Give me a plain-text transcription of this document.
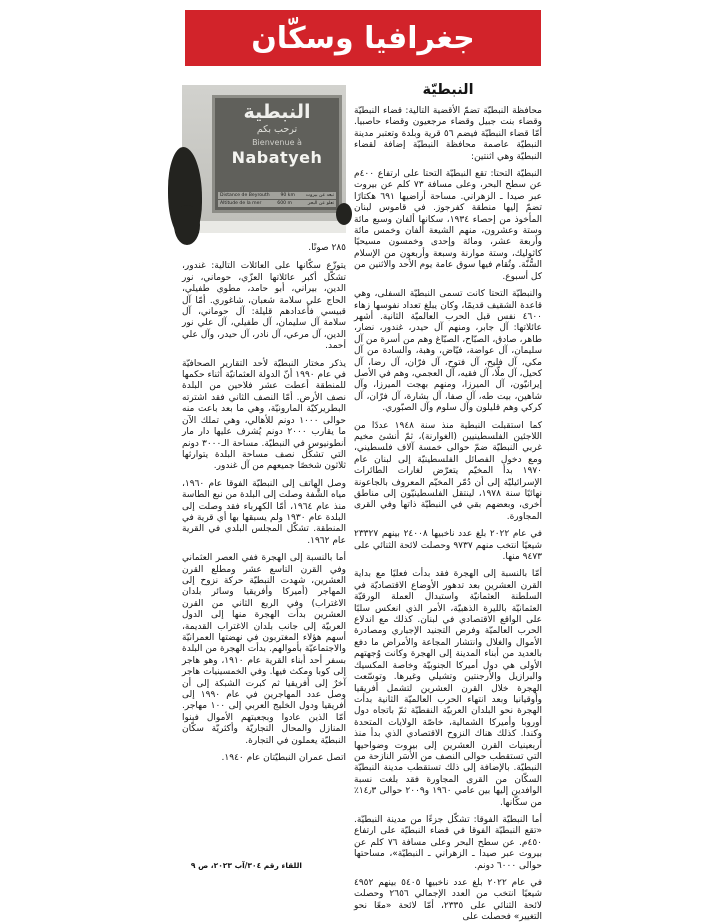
جغرافيا وسكّان
النبطيّة

محافظة النبطيّة تضمّ الأقضية التالية: قضاء النبطيّة وقضاء بنت جبيل وقضاء مرجعيون وقضاء حاصبيا. أمّا قضاء النبطيّة فيضم ٥٦ قرية وبلدة وتعتبر مدينة النبطيّة عاصمة محافظة النبطيّة إضافة لقضاء النبطيّة وهي اثنتين:

النبطيّة التحتا: تقع النبطيّة التحتا على ارتفاع ٤٠٠م عن سطح البحر، وعلى مسافة ٧٣ كلم عن بيروت عبر صيدا ـ الزهراني. مساحة أراضيها ٦٩١ هكتارًا تضمّ إليها منطقة كفرجوز. في قاموس لبنان المأخوذ من إحصاء ١٩٣٤، سكانها ألفان وسبع مائة وستة وعشرون، منهم الشيعة ألفان وخمس مائة وأربعة عشر، ومائة وإحدى وخمسون مسيحيًا كاثوليك، وستة موارنة وسبعة وأربعون من الإسلام السُّنّة. وتُقام فيها سوق عامة يوم الأحد والاثنين من كل أسبوع.

والنبطيّة التحتا كانت تسمى النبطيّة السفلى، وهي قاعدة الشقيف قديمًا، وكان يبلغ تعداد نفوسها زهاء ٤٦٠٠ نفس قبل الحرب العالميّة الثانية. أشهر عائلاتها: آل جابر، ومنهم آل حيدر، غندور، نضار، طاهر، صادق، الصبّاح، الصبّاغ وهم من أسرة من آل سليمان، آل عواضة، فيّاض، وهبة، والسادة من آل مكي، آل فليح، آل فتوح، آل فرّان، آل رضا، آل كحيل، آل ملّا، آل فقيه، آل العجمي، وهم في الأصل إيرانيّون، آل الميرزا، ومنهم بهجت الميرزا، وآل شاهين، بيت طه، آل صفا، آل بشارة، آل فرّان، آل كركي وهم قليلون وآل سلوم وآل الصبّوري.

كما استقبلت النبطية منذ سنة ١٩٤٨ عددًا من اللاجئين الفلسطينيين (الغوارنة)، ثمّ أنشئ مخيم غربي النبطيّة ضمّ حوالى خمسة آلاف فلسطيني، ومع دخول الفصائل الفلسطينيّة إلى لبنان عام ١٩٧٠ بدأ المخيّم يتعرّض لغارات الطائرات الإسرائيليّة إلى أن دُمّر المخيّم المعروف بالجاعونة نهائيًا سنة ١٩٧٨، لينتقل الفلسطينيّون إلى مناطق أخرى، وبعضهم بقي في النبطيّة ذاتها وفي القرى المجاورة.

في عام ٢٠٢٢ بلغ عدد ناخبيها ٢٤٠٠٨ بينهم ٢٣٣٢٧ شيعيًا انتخب منهم ٩٧٣٧ وحصلت لائحة الثنائي على ٩٤٧٣ منها.

أمّا بالنسبة إلى الهجرة فقد بدأت فعليًا مع بداية القرن العشرين بعد تدهور الأوضاع الاقتصاديّة في السلطنة العثمانيّة واستبدال العملة الورقيّة العثمانيّة بالليرة الذهبيّة، الأمر الذي انعكس سلبًا على الواقع الاقتصادي في لبنان. كذلك مع اندلاع الحرب العالميّة وفرض التجنيد الإجباري ومصادرة الأموال والغلال وانتشار المجاعة والأمراض ما دفع بالعديد من أبناء المدينة إلى الهجرة وكانت وُجهتهم الأولى هي دول أميركا الجنوبيّة وخاصة المكسيك والبرازيل والأرجنتين وتشيلي وغيرها. وتوسّعت الهجرة خلال القرن العشرين لتشمل أفريقيا وأوقيانيا وبعد انتهاء الحرب العالميّة الثانية بدأت الهجرة نحو البلدان العربيّة النفطيّة ثمّ باتجاه دول أوروبا وأميركا الشمالية، خاصّة الولايات المتحدة وكندا. كذلك هناك النزوح الاقتصادي الذي بدأ منذ أربعينيات القرن العشرين إلى بيروت وضواحيها التي تستقطب حوالى النصف من الأُسَر النازحة من النبطيّة. بالإضافة إلى ذلك تستقطب مدينة النبطيّة السكّان من القرى المجاورة فقد بلغت نسبة الوافدين إليها بين عامي ١٩٦٠ و٢٠٠٩ حوالى ١٤٫٣٪ من سكّانها.

أما النبطيّة الفوقا: تشكّل جزءًا من مدينة النبطيّة. «تقع النبطيّة الفوقا في قضاء النبطيّة على ارتفاع ٤٥٠م. عن سطح البحر وعلى مسافة ٧٦ كلم عن بيروت عبر صيدا ـ الزهراني ـ النبطيّة»، مساحتها حوالى ٦٠٠٠ دونم.

في عام ٢٠٢٢ بلغ عدد ناخبيها ٥٤٠٥ بينهم ٤٩٥٢ شيعيًا انتخب من العدد الإجمالي ٢٦٥٦ وحصلت لائحة الثنائي على ٢٣٣٥، أمّا لائحة «معًا نحو التغيير» فحصلت على

النبطية
ترحب بكم
Bienvenue à
Nabatyeh
Distance de Beyrouth 90 km تبعد عن بيروت
Altitude de la mer	600 m	تعلو عن البحر

٢٨٥ صوتًا.

يتوزّع سكّانها على العائلات التالية: غندور، تشكّل أكبر عائلاتها العزّي، حوماني، نور الدين، بيراني، أبو حامد، مطوي طفيلي، الحاج علي سلامة شعبان، شاغوري. أمّا آل قبيسي فأعدادهم قليلة: آل حوماني، آل سلامة آل سليمان، آل طفيلي، آل علي نور الدين، آل مرعي، آل نادر، آل حيدر، وآل علي أحمد.

يذكر مختار النبطيّة لأحد التقارير الصحافيّة في عام ١٩٩٠ أنّ الدولة العثمانيّة أثناء حكمها للمنطقة أعطت عشر فلاحين من البلدة نصف الأرض. أمّا النصف الثاني فقد اشترته البطريركيّة المارونيّة، وهي ما بعد باعت منه حوالى ١٠٠٠ دونم للأهالي، وهي تملك الآن ما يقارب ٢٠٠٠ دونم يُشرف عليها دار مار أنطونيوس في النبطيّة. مساحة الـ٣٠٠٠ دونم التي تشكّل نصف مساحة البلدة يتوارثها ثلاثون شخصًا جميعهم من آل غندور.

وصل الهاتف إلى النبطيّة الفوقا عام ١٩٦٠، مياه الشَّفة وصلت إلى البلدة من نبع الطاسة منذ عام ١٩٦٤، أمّا الكهرباء فقد وصلت إلى البلدة عام ١٩٣٠ ولم يسبقها بها أي قرية في المنطقة. تشكّل المجلس البلدي في القرية عام ١٩٦٢.

أما بالنسبة إلى الهجرة ففي العصر العثماني وفي القرن التاسع عشر ومطلع القرن العشرين، شهدت النبطيّة حركة نزوح إلى المهاجر (أميركا وأفريقيا وسائر بلدان الاغتراب) وفي الربع الثاني من القرن العشرين بدأت الهجرة منها إلى الدول العربيّة إلى جانب بلدان الاغتراب القديمة، أسهم هؤلاء المغتربون في نهضتها العمرانيّة والاجتماعيّة بأموالهم. بدأت الهجرة من البلدة بسفر أحد أبناء القرية عام ١٩١٠، وهو هاجر إلى كوبا ومكث فيها. وفي الخمسينيات هاجر آخرٌ إلى أفريقيا ثم كبرت الشبكة إلى أن وصل عدد المهاجرين في عام ١٩٩٠ إلى أفريقيا ودول الخليج العربي إلى ١٠٠ مهاجر. أمّا الذين عادوا وبجعبتهم الأموال فبنوا المنازل والمحال التجاريّة وأكثريّة سكّان النبطيّة يعملون في التجارة.

اتصل عمران النبطيّتان عام ١٩٤٠.

اللقاء رقم ٣٠٤/آب ٢٠٢٣، ص ٩
